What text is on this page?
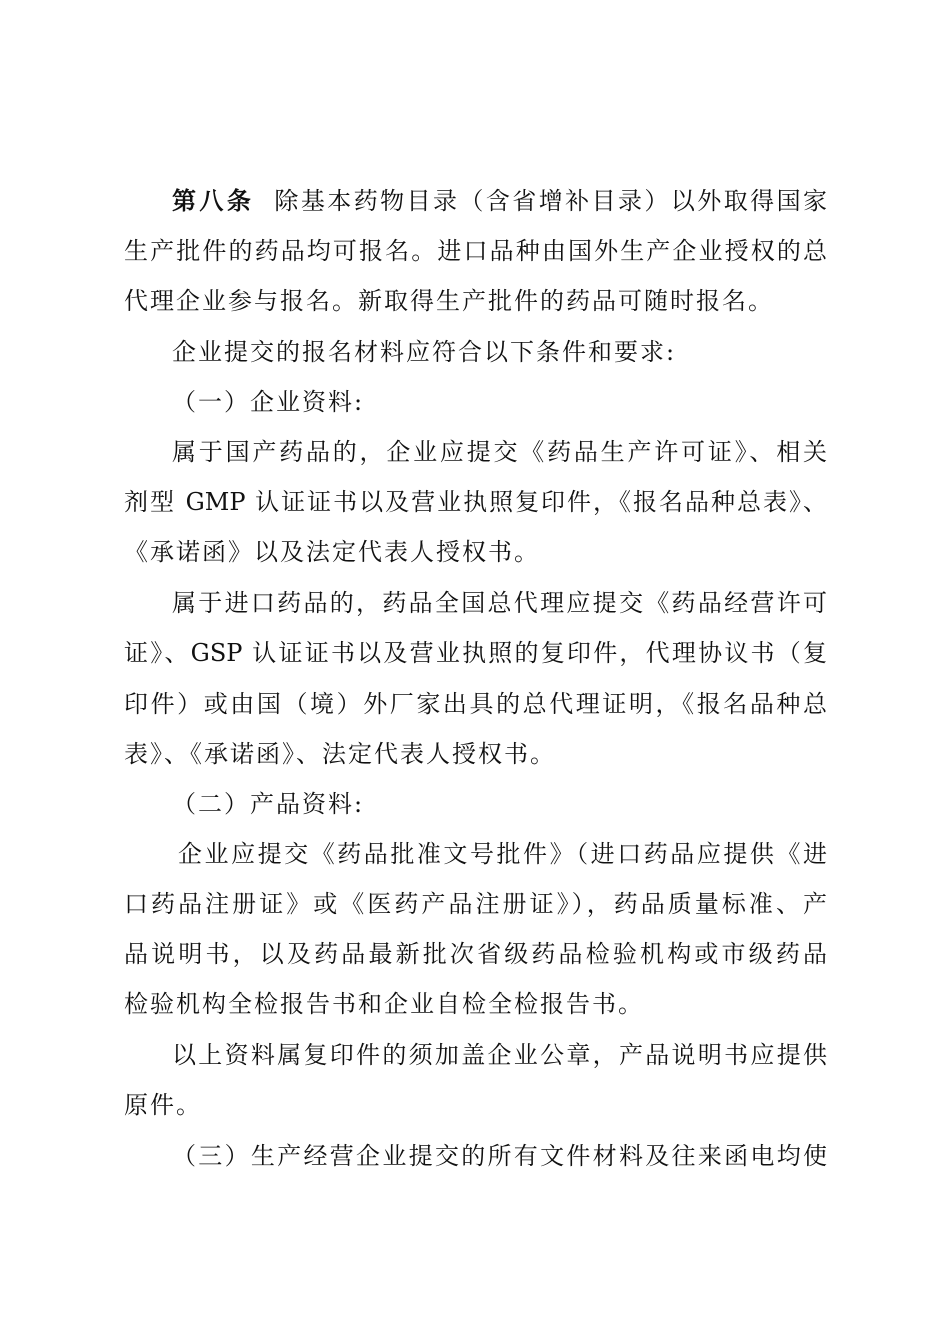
第八条 除基本药物目录（含省增补目录）以外取得国家
生产批件的药品均可报名。进口品种由国外生产企业授权的总
代理企业参与报名。新取得生产批件的药品可随时报名。
企业提交的报名材料应符合以下条件和要求:
（一）企业资料:
属于国产药品的，企业应提交《药品生产许可证》、相关
剂型 GMP 认证证书以及营业执照复印件，《报名品种总表》、
《承诺函》以及法定代表人授权书。
属于进口药品的，药品全国总代理应提交《药品经营许可
证》、GSP 认证证书以及营业执照的复印件，代理协议书（复
印件）或由国（境）外厂家出具的总代理证明，《报名品种总
表》、《承诺函》、法定代表人授权书。
（二）产品资料:
企业应提交《药品批准文号批件》（进口药品应提供《进
口药品注册证》或《医药产品注册证》），药品质量标准、产
品说明书，以及药品最新批次省级药品检验机构或市级药品
检验机构全检报告书和企业自检全检报告书。
以上资料属复印件的须加盖企业公章，产品说明书应提供
原件。
（三）生产经营企业提交的所有文件材料及往来函电均使
